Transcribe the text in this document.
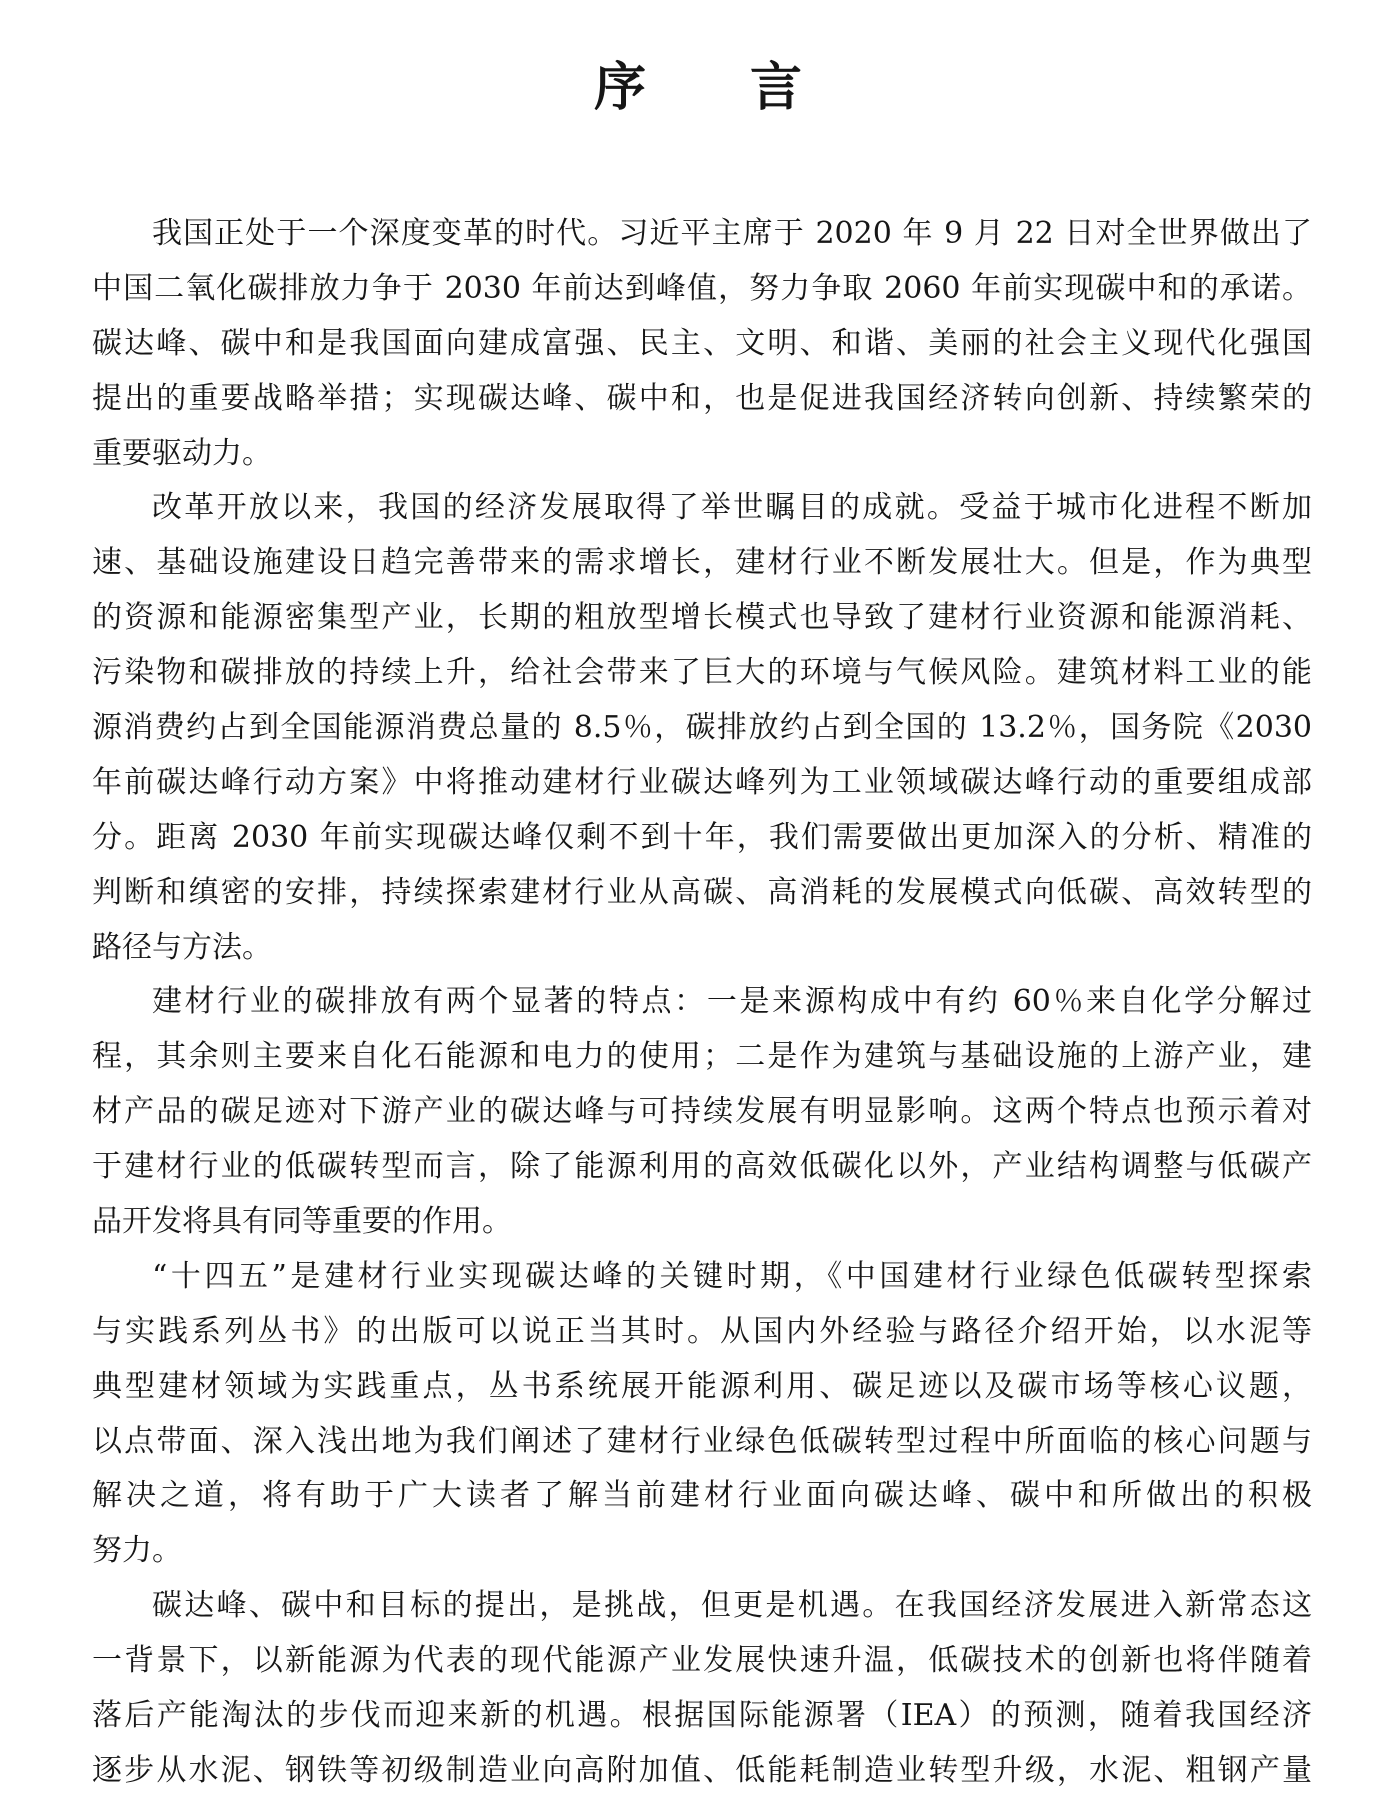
序　　言
我国正处于一个深度变革的时代。习近平主席于 2020 年 9 月 22 日对全世界做出了
中国二氧化碳排放力争于 2030 年前达到峰值，努力争取 2060 年前实现碳中和的承诺。
碳达峰、碳中和是我国面向建成富强、民主、文明、和谐、美丽的社会主义现代化强国
提出的重要战略举措；实现碳达峰、碳中和，也是促进我国经济转向创新、持续繁荣的
重要驱动力。
改革开放以来，我国的经济发展取得了举世瞩目的成就。受益于城市化进程不断加
速、基础设施建设日趋完善带来的需求增长，建材行业不断发展壮大。但是，作为典型
的资源和能源密集型产业，长期的粗放型增长模式也导致了建材行业资源和能源消耗、
污染物和碳排放的持续上升，给社会带来了巨大的环境与气候风险。建筑材料工业的能
源消费约占到全国能源消费总量的 8.5％，碳排放约占到全国的 13.2％，国务院《2030
年前碳达峰行动方案》中将推动建材行业碳达峰列为工业领域碳达峰行动的重要组成部
分。距离 2030 年前实现碳达峰仅剩不到十年，我们需要做出更加深入的分析、精准的
判断和缜密的安排，持续探索建材行业从高碳、高消耗的发展模式向低碳、高效转型的
路径与方法。
建材行业的碳排放有两个显著的特点：一是来源构成中有约 60％来自化学分解过
程，其余则主要来自化石能源和电力的使用；二是作为建筑与基础设施的上游产业，建
材产品的碳足迹对下游产业的碳达峰与可持续发展有明显影响。这两个特点也预示着对
于建材行业的低碳转型而言，除了能源利用的高效低碳化以外，产业结构调整与低碳产
品开发将具有同等重要的作用。
“十四五”是建材行业实现碳达峰的关键时期，《中国建材行业绿色低碳转型探索
与实践系列丛书》的出版可以说正当其时。从国内外经验与路径介绍开始，以水泥等
典型建材领域为实践重点，丛书系统展开能源利用、碳足迹以及碳市场等核心议题，
以点带面、深入浅出地为我们阐述了建材行业绿色低碳转型过程中所面临的核心问题与
解决之道，将有助于广大读者了解当前建材行业面向碳达峰、碳中和所做出的积极
努力。
碳达峰、碳中和目标的提出，是挑战，但更是机遇。在我国经济发展进入新常态这
一背景下，以新能源为代表的现代能源产业发展快速升温，低碳技术的创新也将伴随着
落后产能淘汰的步伐而迎来新的机遇。根据国际能源署（IEA）的预测，随着我国经济
逐步从水泥、钢铁等初级制造业向高附加值、低能耗制造业转型升级，水泥、粗钢产量
